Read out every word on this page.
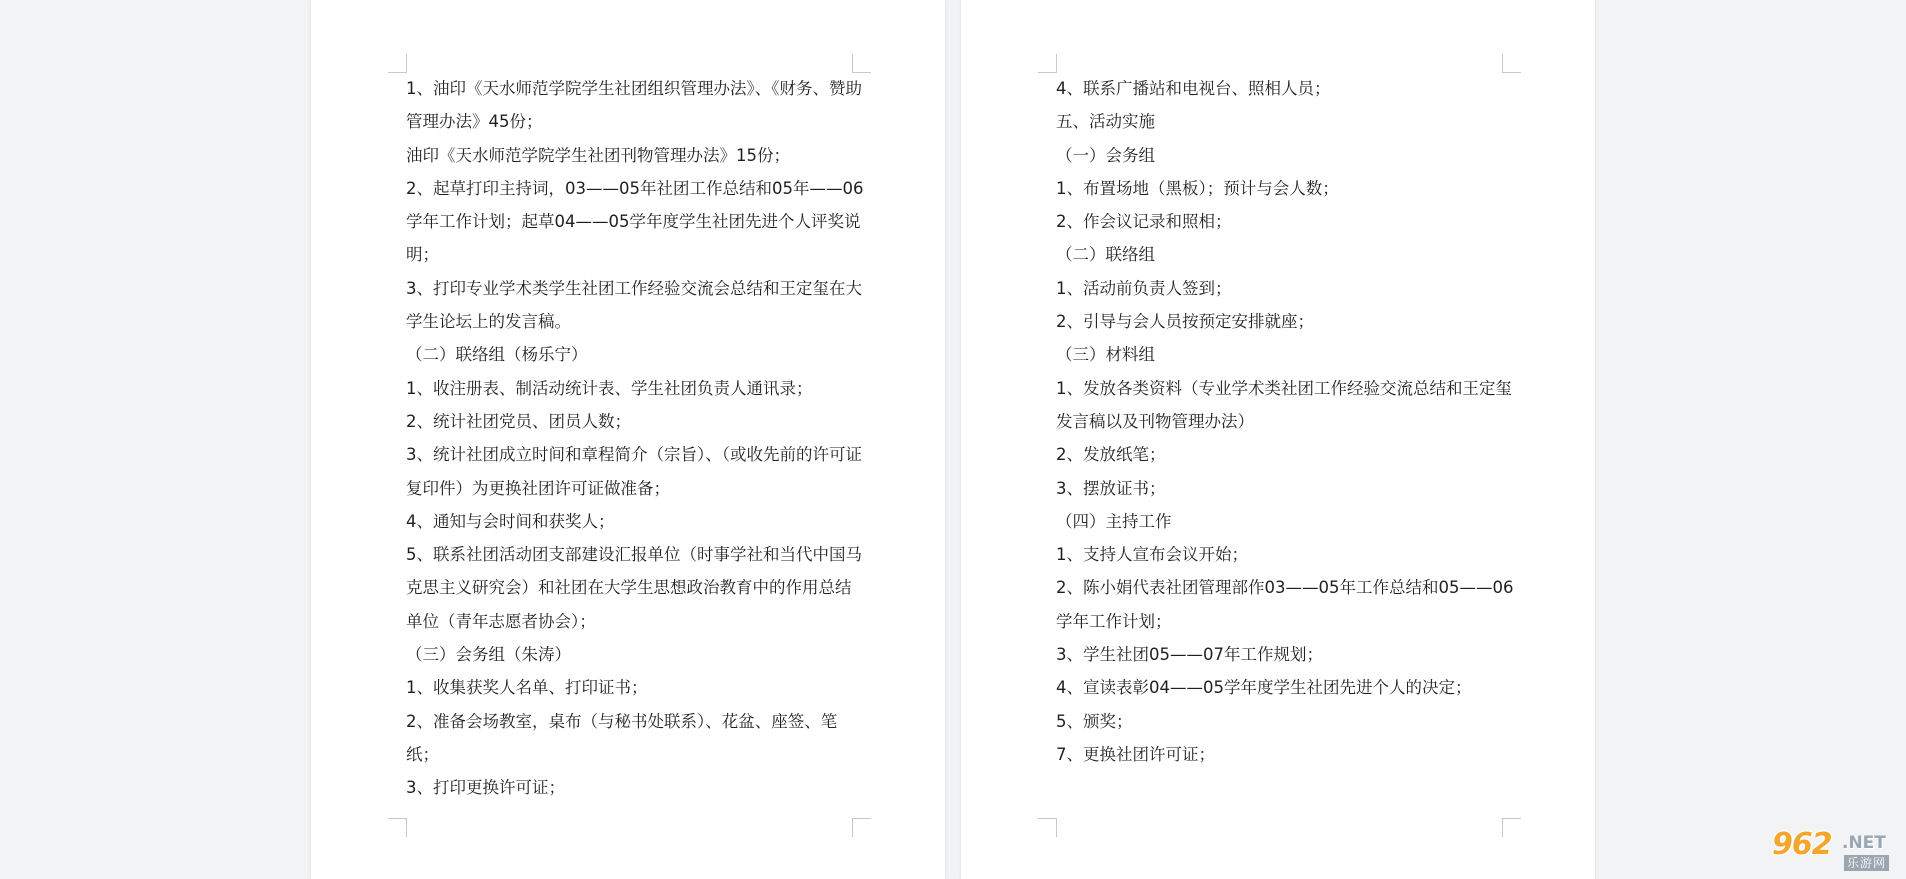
1、油印《天水师范学院学生社团组织管理办法》、《财务、赞助管理办法》45份；
油印《天水师范学院学生社团刊物管理办法》15份；
2、起草打印主持词，03——05年社团工作总结和05年——06学年工作计划；起草04——05学年度学生社团先进个人评奖说明；
3、打印专业学术类学生社团工作经验交流会总结和王定玺在大学生论坛上的发言稿。
（二）联络组（杨乐宁）
1、收注册表、制活动统计表、学生社团负责人通讯录；
2、统计社团党员、团员人数；
3、统计社团成立时间和章程简介（宗旨）、（或收先前的许可证复印件）为更换社团许可证做准备；
4、通知与会时间和获奖人；
5、联系社团活动团支部建设汇报单位（时事学社和当代中国马克思主义研究会）和社团在大学生思想政治教育中的作用总结单位（青年志愿者协会）；
（三）会务组（朱涛）
1、收集获奖人名单、打印证书；
2、准备会场教室，桌布（与秘书处联系）、花盆、座签、笔纸；
3、打印更换许可证；
4、联系广播站和电视台、照相人员；
五、活动实施
（一）会务组
1、布置场地（黑板）；预计与会人数；
2、作会议记录和照相；
（二）联络组
1、活动前负责人签到；
2、引导与会人员按预定安排就座；
（三）材料组
1、发放各类资料（专业学术类社团工作经验交流总结和王定玺发言稿以及刊物管理办法）
2、发放纸笔；
3、摆放证书；
（四）主持工作
1、支持人宣布会议开始；
2、陈小娟代表社团管理部作03——05年工作总结和05——06学年工作计划；
3、学生社团05——07年工作规划；
4、宣读表彰04——05学年度学生社团先进个人的决定；
5、颁奖；
7、更换社团许可证；
962 .NET
乐游网
